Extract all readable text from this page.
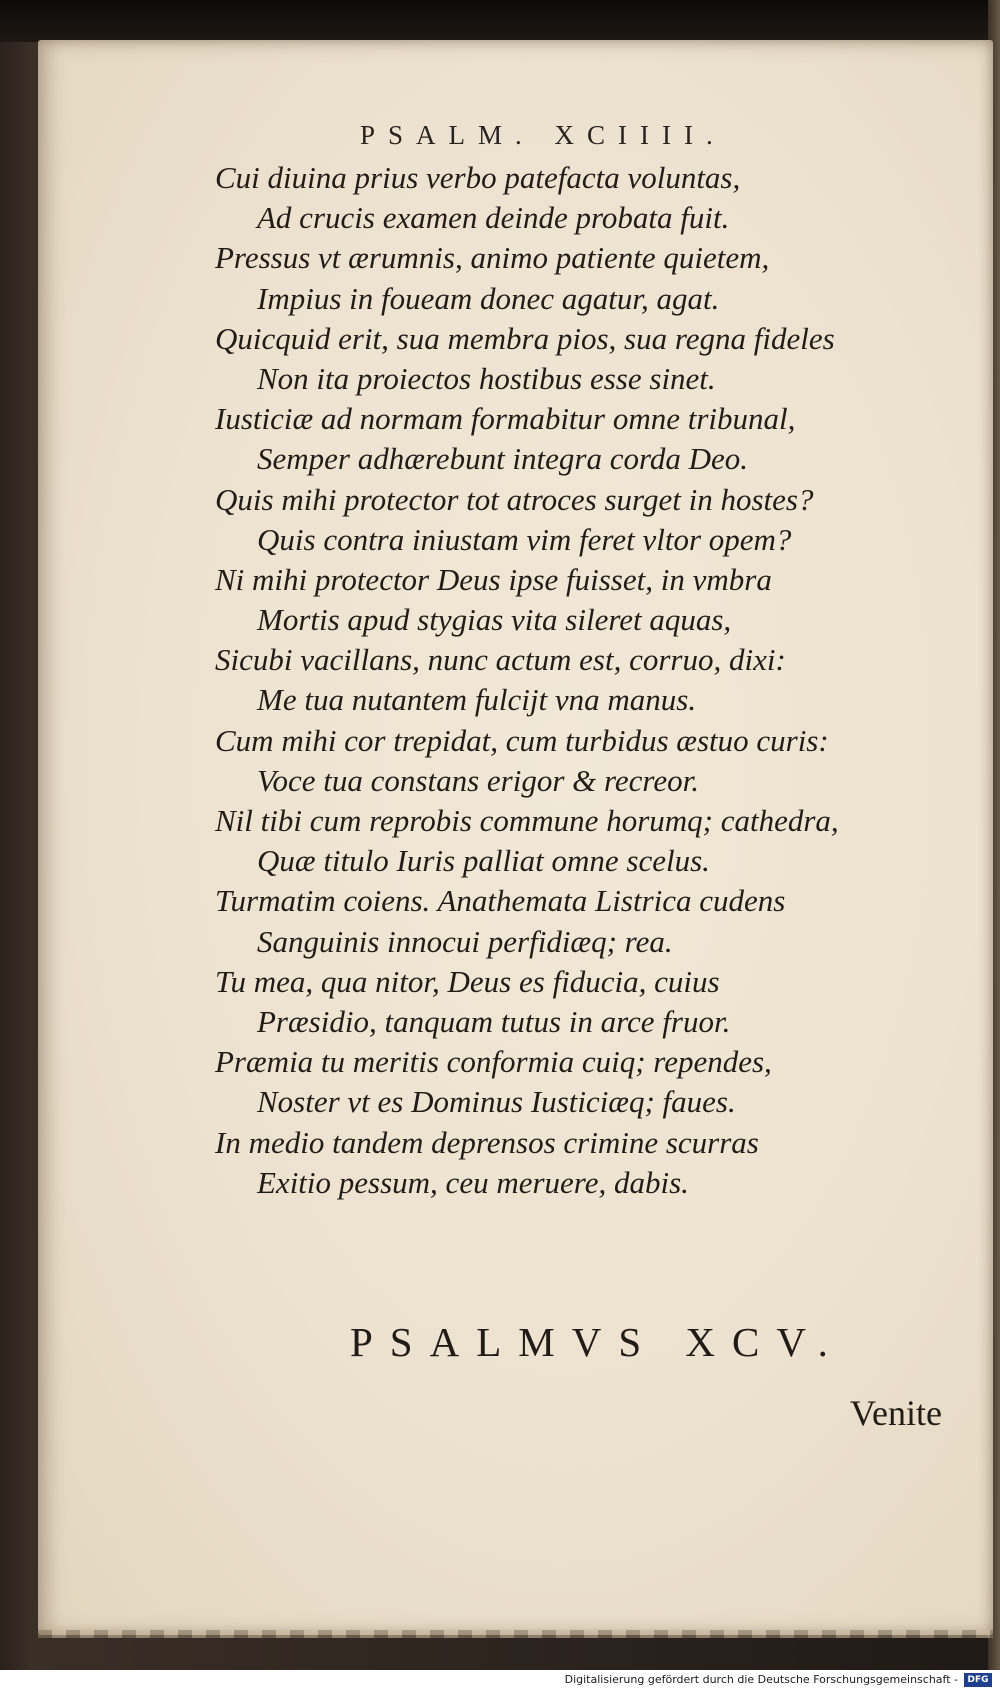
PSALM. XCIIII.
Cui diuina prius verbo patefacta voluntas,
Ad crucis examen deinde probata fuit.
Pressus vt ærumnis, animo patiente quietem,
Impius in foueam donec agatur, agat.
Quicquid erit, sua membra pios, sua regna fideles
Non ita proiectos hostibus esse sinet.
Iusticiæ ad normam formabitur omne tribunal,
Semper adhærebunt integra corda Deo.
Quis mihi protector tot atroces surget in hostes?
Quis contra iniustam vim feret vltor opem?
Ni mihi protector Deus ipse fuisset, in vmbra
Mortis apud stygias vita sileret aquas,
Sicubi vacillans, nunc actum est, corruo, dixi:
Me tua nutantem fulcijt vna manus.
Cum mihi cor trepidat, cum turbidus æstuo curis:
Voce tua constans erigor & recreor.
Nil tibi cum reprobis commune horumq; cathedra,
Quæ titulo Iuris palliat omne scelus.
Turmatim coiens. Anathemata Listrica cudens
Sanguinis innocui perfidiæq; rea.
Tu mea, qua nitor, Deus es fiducia, cuius
Præsidio, tanquam tutus in arce fruor.
Præmia tu meritis conformia cuiq; rependes,
Noster vt es Dominus Iusticiæq; faues.
In medio tandem deprensos crimine scurras
Exitio pessum, ceu meruere, dabis.
PSALMVS XCV.
Venite
Digitalisierung gefördert durch die Deutsche Forschungsgemeinschaft -	DFG
